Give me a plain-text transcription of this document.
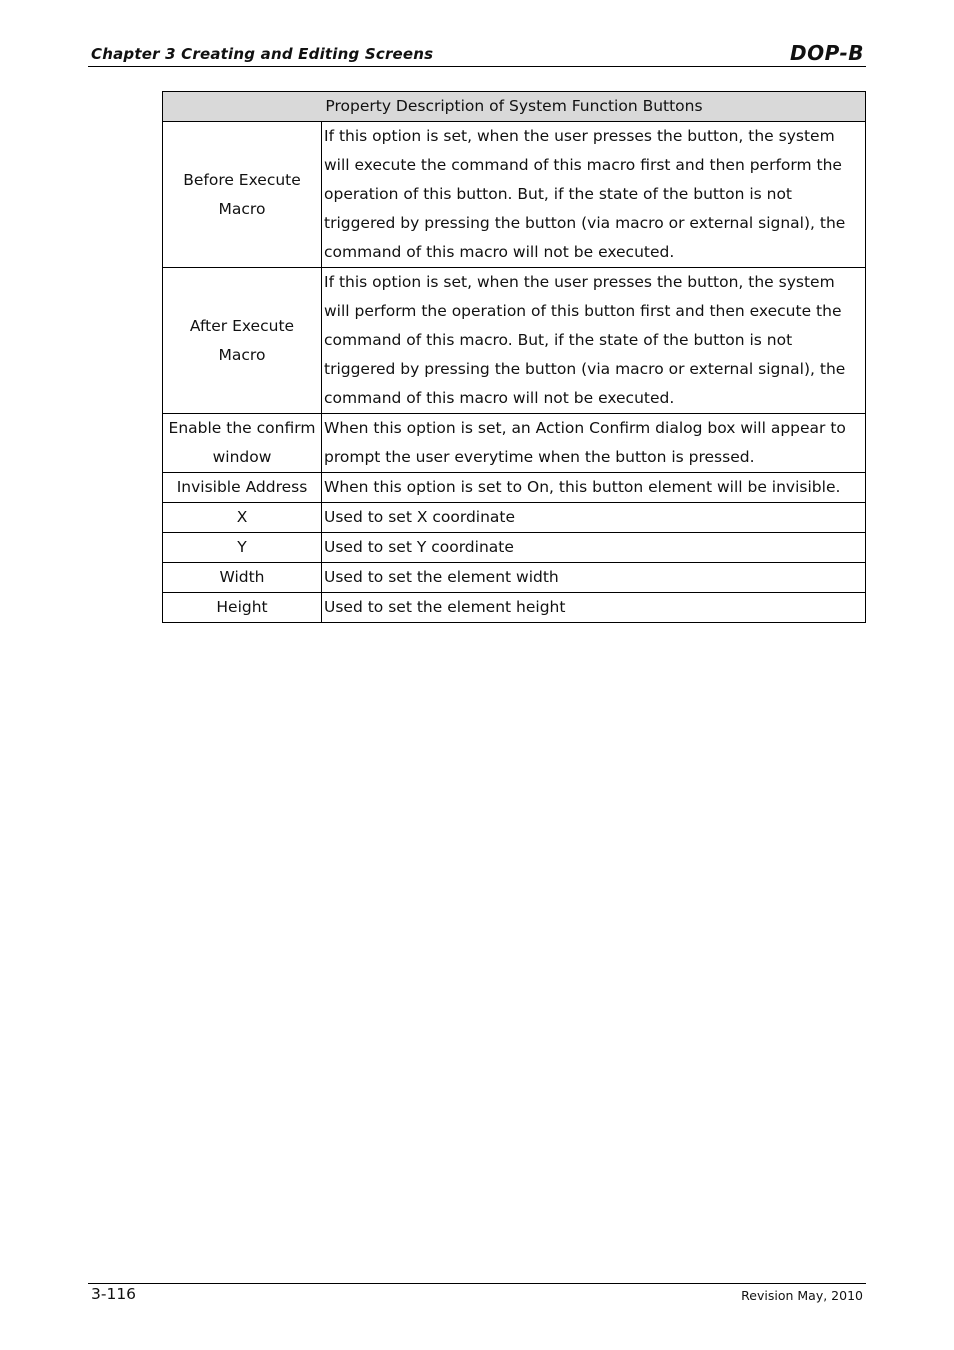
Chapter 3 Creating and Editing Screens	DOP-B
Property Description of System Function Buttons	
Before Execute Macro	If this option is set, when the user presses the button, the system will execute the command of this macro first and then perform the operation of this button. But, if the state of the button is not triggered by pressing the button (via macro or external signal), the command of this macro will not be executed.
After Execute Macro	If this option is set, when the user presses the button, the system will perform the operation of this button first and then execute the command of this macro. But, if the state of the button is not triggered by pressing the button (via macro or external signal), the command of this macro will not be executed.
Enable the confirm window	When this option is set, an Action Confirm dialog box will appear to prompt the user everytime when the button is pressed.
Invisible Address	When this option is set to On, this button element will be invisible.
X	Used to set X coordinate
Y	Used to set Y coordinate
Width	Used to set the element width
Height	Used to set the element height
3-116	Revision May, 2010
